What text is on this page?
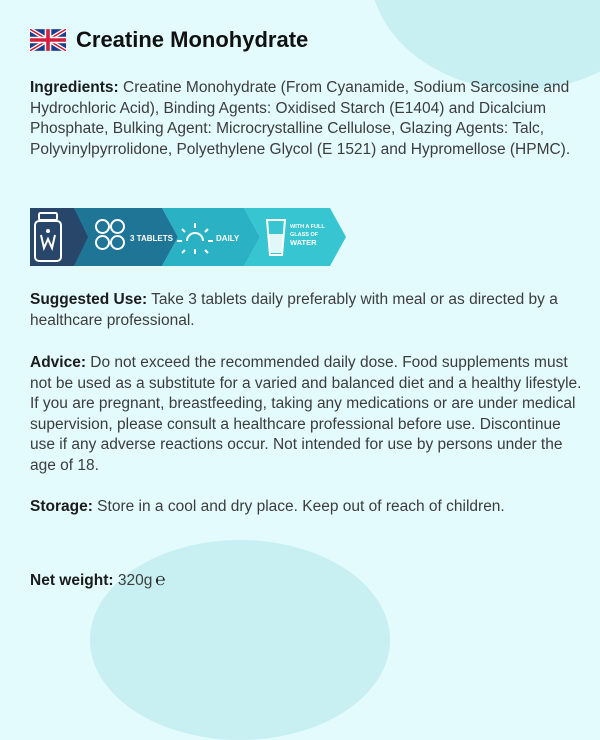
Creatine Monohydrate
Ingredients: Creatine Monohydrate (From Cyanamide, Sodium Sarcosine and Hydrochloric Acid), Binding Agents: Oxidised Starch (E1404) and Dicalcium Phosphate, Bulking Agent: Microcrystalline Cellulose, Glazing Agents: Talc, Polyvinylpyrrolidone, Polyethylene Glycol (E 1521) and Hypromellose (HPMC).
3 TABLETS	DAILY
WITH A FULL
GLASS OF
WATER
Suggested Use: Take 3 tablets daily preferably with meal or as directed by a healthcare professional.
Advice: Do not exceed the recommended daily dose. Food supplements must not be used as a substitute for a varied and balanced diet and a healthy lifestyle. If you are pregnant, breastfeeding, taking any medications or are under medical supervision, please consult a healthcare professional before use. Discontinue use if any adverse reactions occur. Not intended for use by persons under the age of 18.
Storage: Store in a cool and dry place. Keep out of reach of children.
Net weight: 320g ℮
